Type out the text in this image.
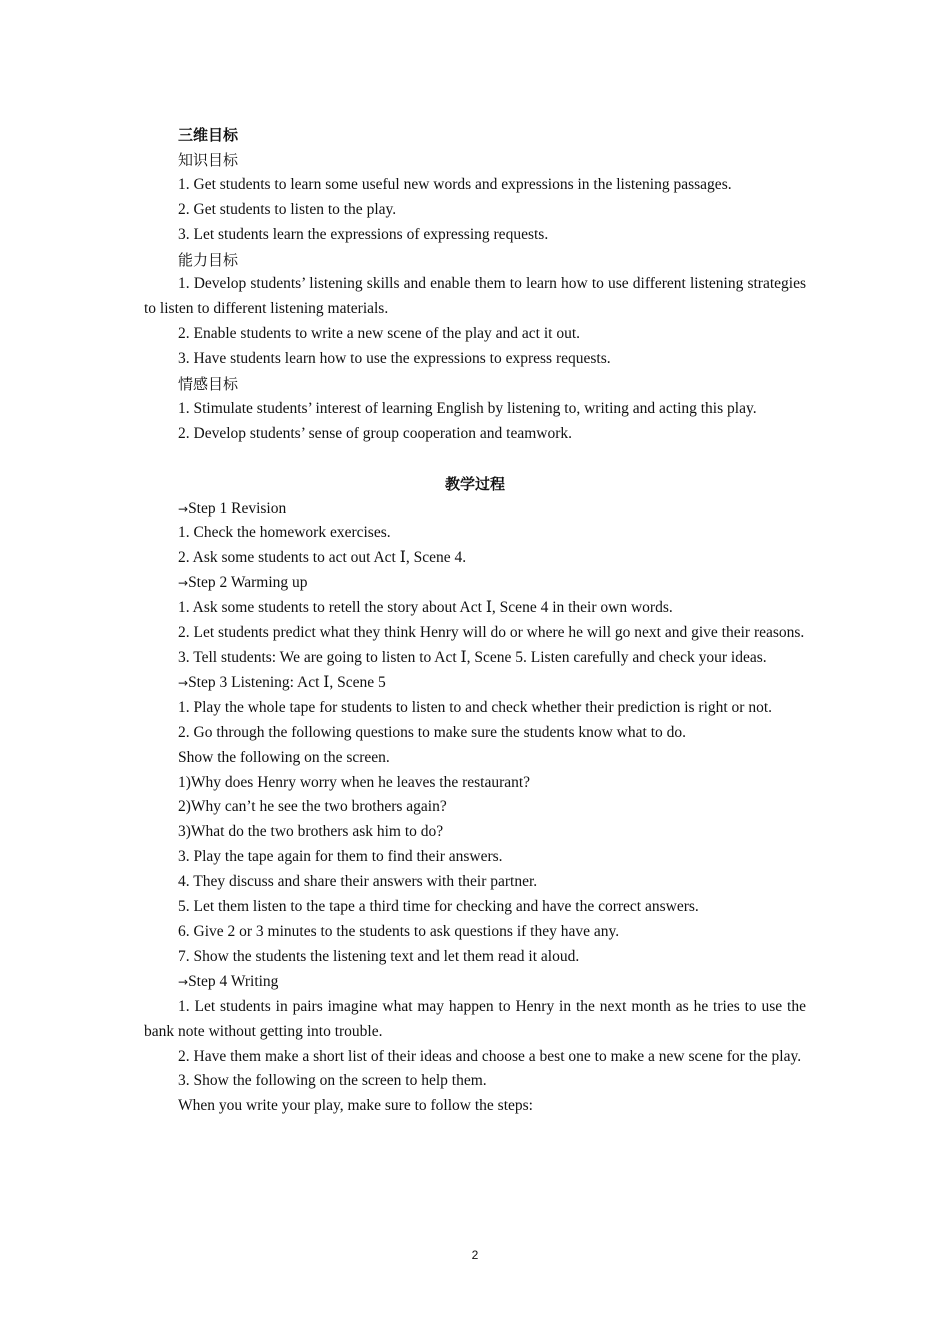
三维目标

知识目标

1. Get students to learn some useful new words and expressions in the listening passages.

2. Get students to listen to the play.

3. Let students learn the expressions of expressing requests.

能力目标

1. Develop students’ listening skills and enable them to learn how to use different listening strategies to listen to different listening materials.

2. Enable students to write a new scene of the play and act it out.

3. Have students learn how to use the expressions to express requests.

情感目标

1. Stimulate students’ interest of learning English by listening to, writing and acting this play.

2. Develop students’ sense of group cooperation and teamwork.

教学过程

→Step 1 Revision

1. Check the homework exercises.

2. Ask some students to act out Act Ⅰ, Scene 4.

→Step 2 Warming up

1. Ask some students to retell the story about Act Ⅰ, Scene 4 in their own words.

2. Let students predict what they think Henry will do or where he will go next and give their reasons.

3. Tell students: We are going to listen to Act Ⅰ, Scene 5. Listen carefully and check your ideas.

→Step 3 Listening: Act Ⅰ, Scene 5

1. Play the whole tape for students to listen to and check whether their prediction is right or not.

2. Go through the following questions to make sure the students know what to do.

Show the following on the screen.

1)Why does Henry worry when he leaves the restaurant?

2)Why can’t he see the two brothers again?

3)What do the two brothers ask him to do?

3. Play the tape again for them to find their answers.

4. They discuss and share their answers with their partner.

5. Let them listen to the tape a third time for checking and have the correct answers.

6. Give 2 or 3 minutes to the students to ask questions if they have any.

7. Show the students the listening text and let them read it aloud.

→Step 4 Writing

1. Let students in pairs imagine what may happen to Henry in the next month as he tries to use the bank note without getting into trouble.

2. Have them make a short list of their ideas and choose a best one to make a new scene for the play.

3. Show the following on the screen to help them.

When you write your play, make sure to follow the steps:

2
